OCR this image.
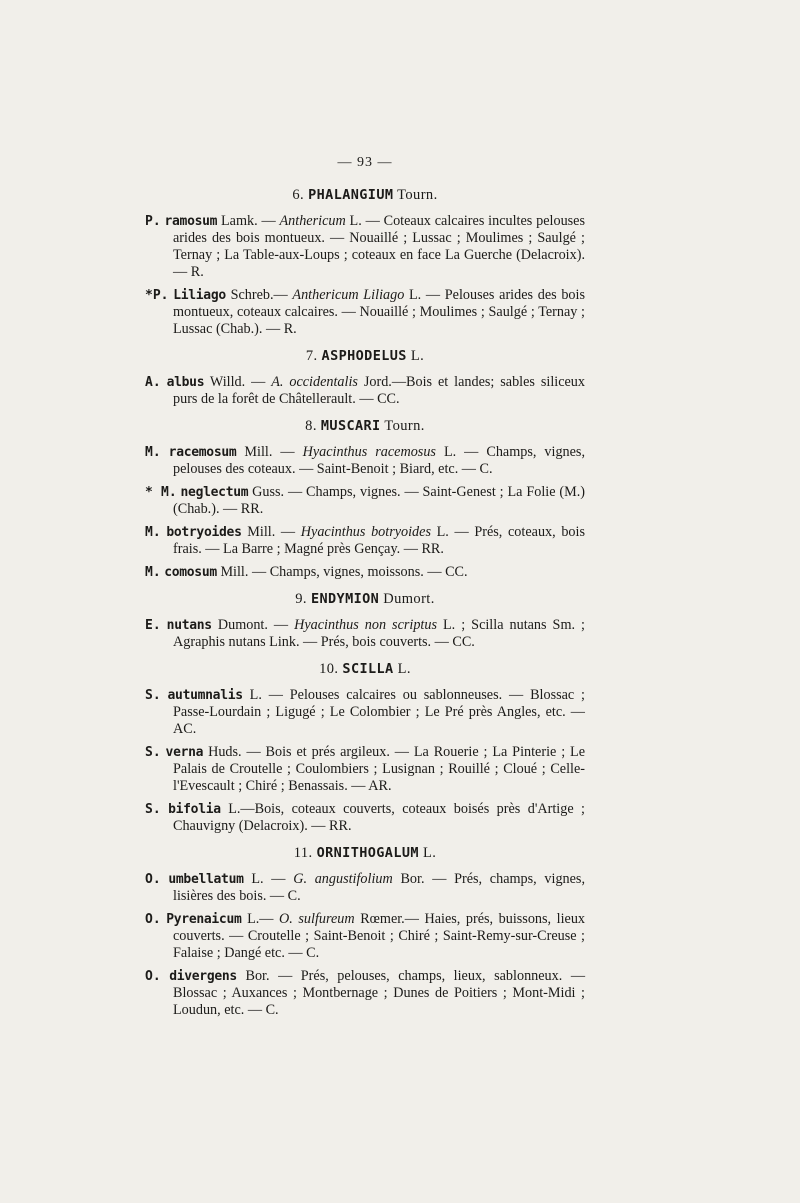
— 93 —
6. PHALANGIUM Tourn.
P. ramosum Lamk. — Anthericum L. — Coteaux calcaires incultes pelouses arides des bois montueux. — Nouaillé ; Lussac ; Moulimes ; Saulgé ; Ternay ; La Table-aux-Loups ; coteaux en face La Guerche (Delacroix). — R.
*P. Liliago Schreb.— Anthericum Liliago L. — Pelouses arides des bois montueux, coteaux calcaires. — Nouaillé ; Moulimes ; Saulgé ; Ternay ; Lussac (Chab.). — R.
7. ASPHODELUS L.
A. albus Willd. — A. occidentalis Jord.—Bois et landes; sables siliceux purs de la forêt de Châtellerault. — CC.
8. MUSCARI Tourn.
M. racemosum Mill. — Hyacinthus racemosus L. — Champs, vignes, pelouses des coteaux. — Saint-Benoit ; Biard, etc. — C.
* M. neglectum Guss. — Champs, vignes. — Saint-Genest ; La Folie (M.) (Chab.). — RR.
M. botryoides Mill. — Hyacinthus botryoides L. — Prés, coteaux, bois frais. — La Barre ; Magné près Gençay. — RR.
M. comosum Mill. — Champs, vignes, moissons. — CC.
9. ENDYMION Dumort.
E. nutans Dumont. — Hyacinthus non scriptus L. ; Scilla nutans Sm. ; Agraphis nutans Link. — Prés, bois couverts. — CC.
10. SCILLA L.
S. autumnalis L. — Pelouses calcaires ou sablonneuses. — Blossac ; Passe-Lourdain ; Ligugé ; Le Colombier ; Le Pré près Angles, etc. — AC.
S. verna Huds. — Bois et prés argileux. — La Rouerie ; La Pinterie ; Le Palais de Croutelle ; Coulombiers ; Lusignan ; Rouillé ; Cloué ; Celle-l'Evescault ; Chiré ; Benassais. — AR.
S. bifolia L.—Bois, coteaux couverts, coteaux boisés près d'Artige ; Chauvigny (Delacroix). — RR.
11. ORNITHOGALUM L.
O. umbellatum L. — G. angustifolium Bor. — Prés, champs, vignes, lisières des bois. — C.
O. Pyrenaicum L.— O. sulfureum Rœmer.— Haies, prés, buissons, lieux couverts. — Croutelle ; Saint-Benoit ; Chiré ; Saint-Remy-sur-Creuse ; Falaise ; Dangé etc. — C.
O. divergens Bor. — Prés, pelouses, champs, lieux, sablonneux. — Blossac ; Auxances ; Montbernage ; Dunes de Poitiers ; Mont-Midi ; Loudun, etc. — C.
